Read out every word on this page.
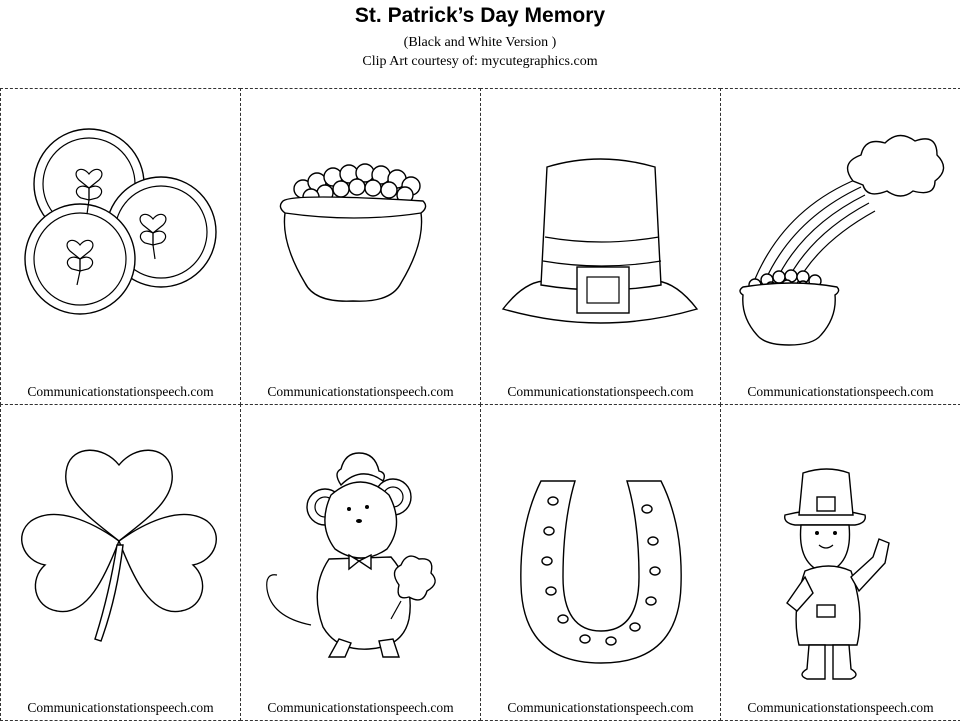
St. Patrick’s Day Memory
(Black and White Version )
Clip Art courtesy of: mycutegraphics.com
Communicationstationspeech.com	Communicationstationspeech.com	Communicationstationspeech.com	Communicationstationspeech.com
Communicationstationspeech.com	Communicationstationspeech.com	Communicationstationspeech.com	Communicationstationspeech.com
